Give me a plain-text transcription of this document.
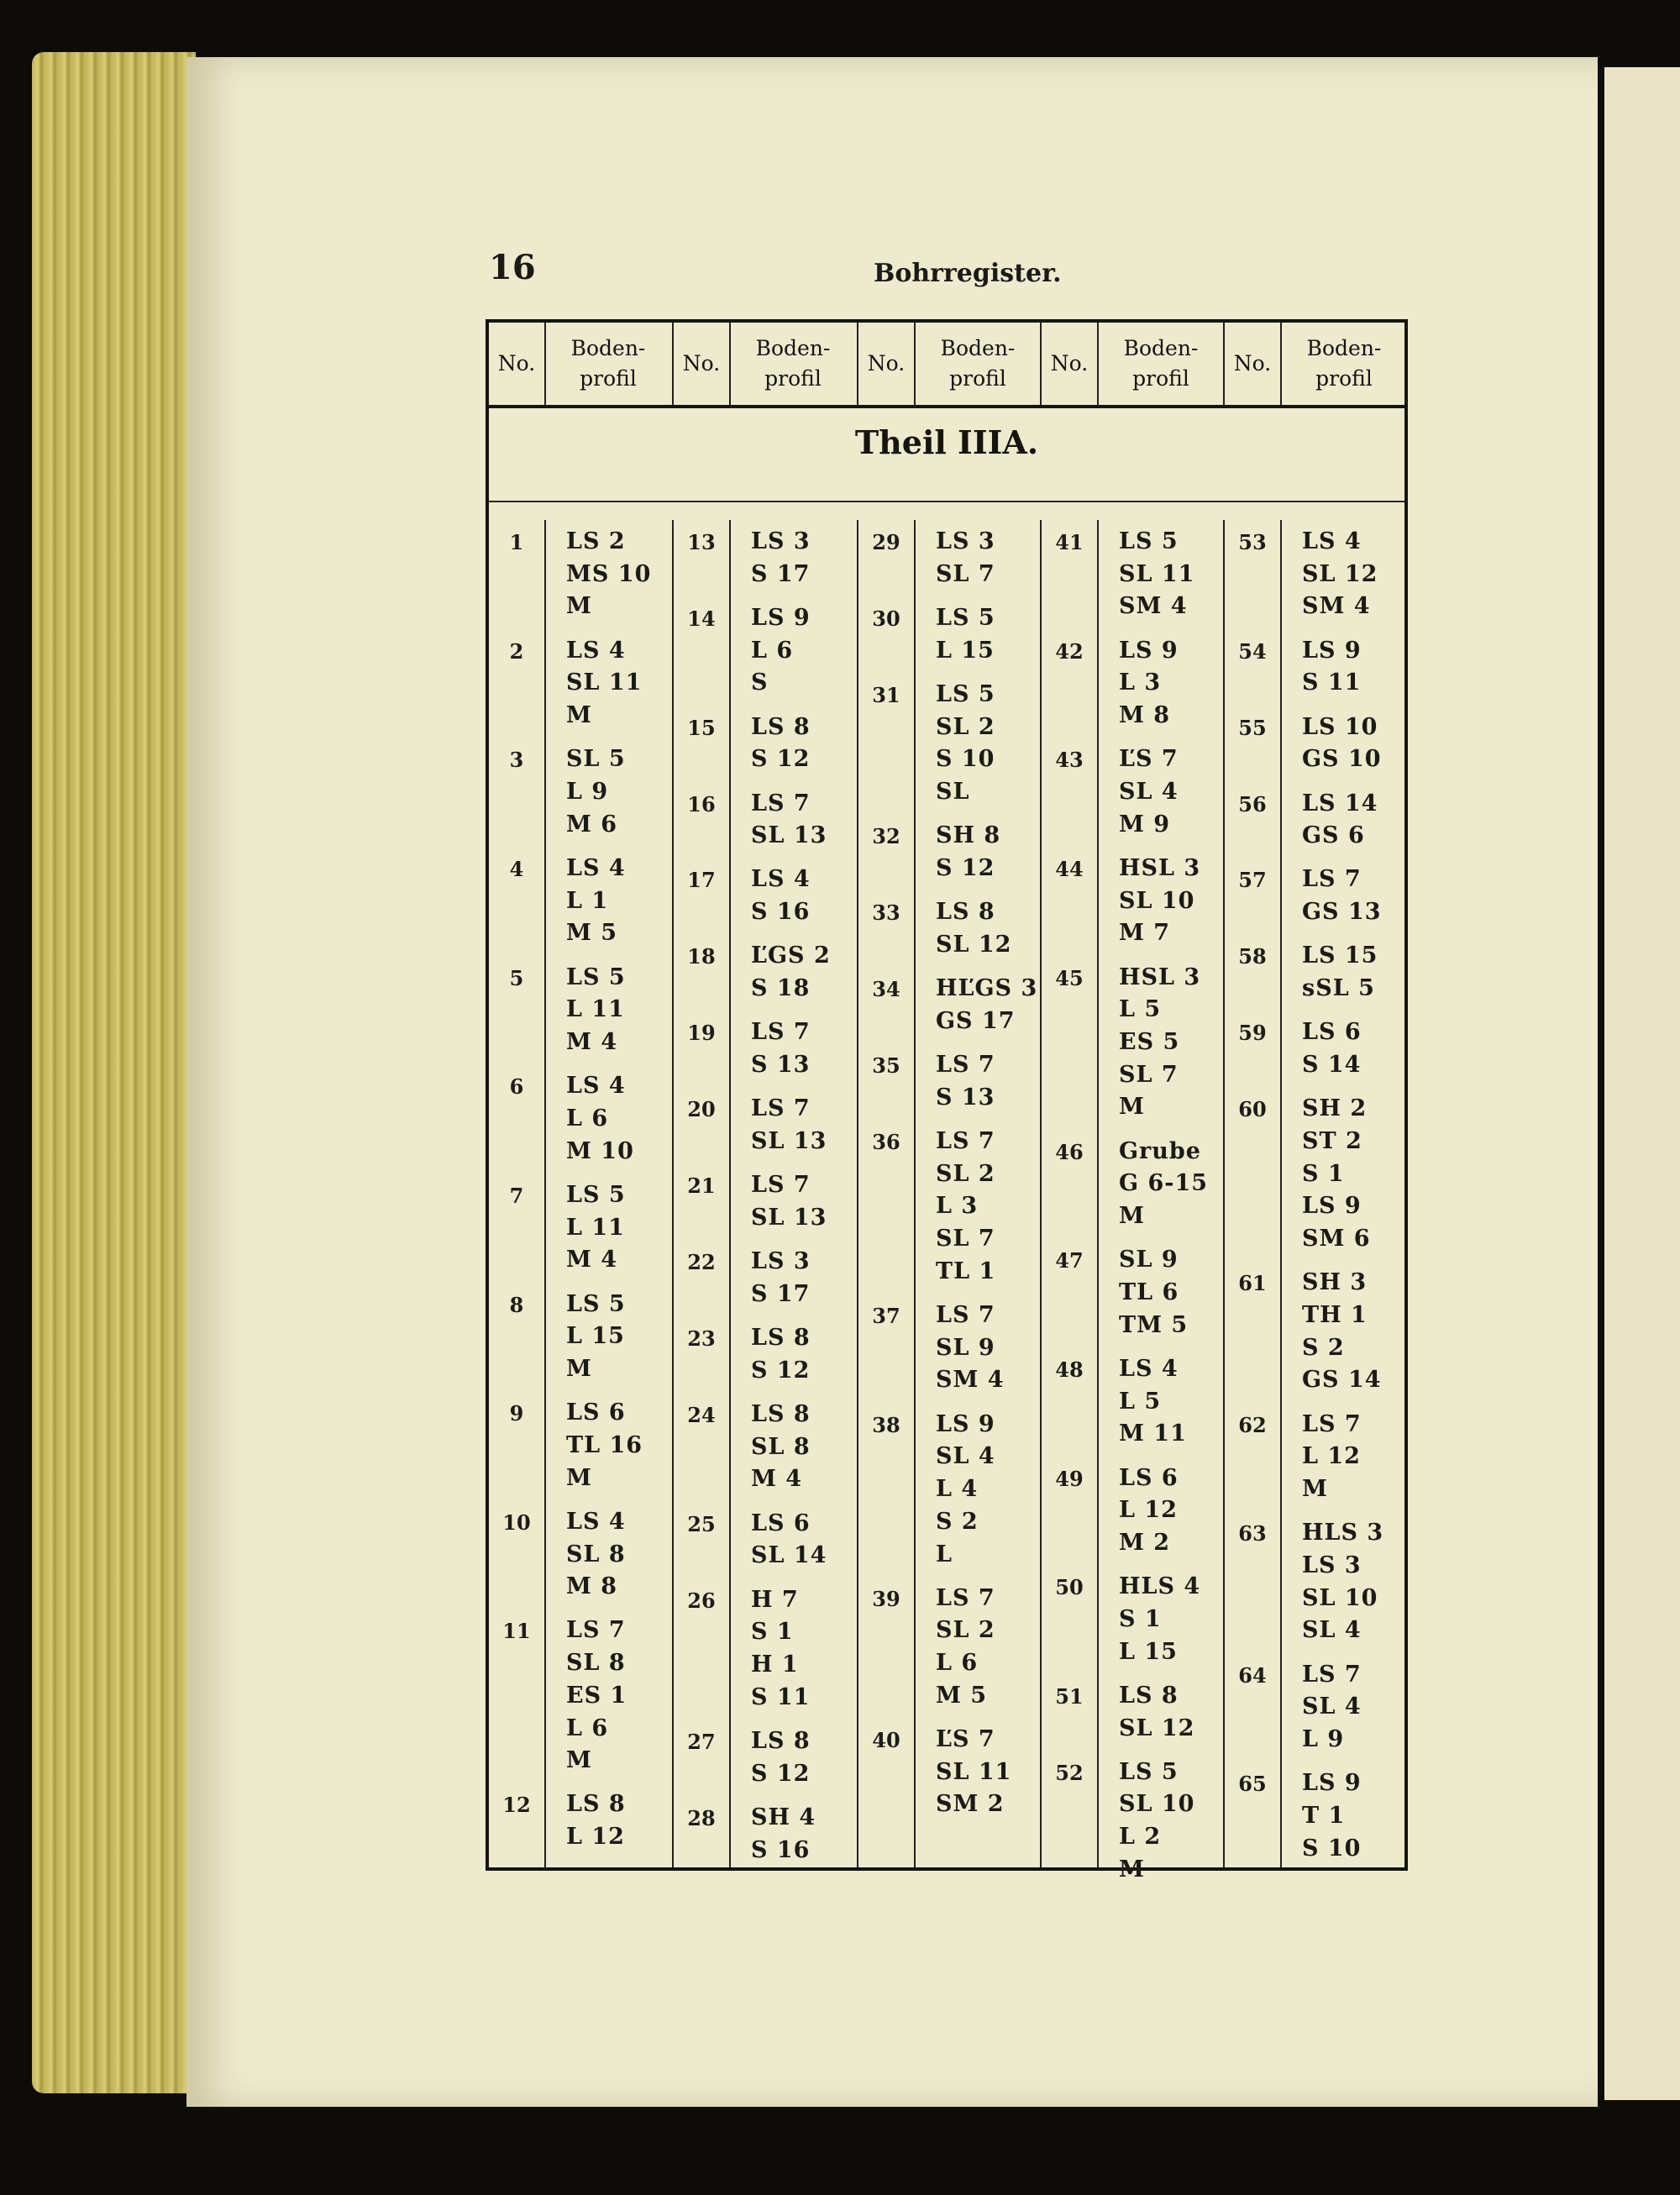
16	Bohrregister.
Theil IIIA.
No.
Boden-
profil
No.
Boden-
profil
No.
Boden-
profil
No.
Boden-
profil
No.
Boden-
profil
1	LS 2
MS 10
M
2	LS 4
SL 11
M
3	SL 5
L 9
M 6
4	LS 4
L 1
M 5
5	LS 5
L 11
M 4
6	LS 4
L 6
M 10
7	LS 5
L 11
M 4
8	LS 5
L 15
M
9	LS 6
TL 16
M
10	LS 4
SL 8
M 8
11	LS 7
SL 8
ES 1
L 6
M
12	LS 8
L 12
13	LS 3
S 17
14	LS 9
L 6
S
15	LS 8
S 12
16	LS 7
SL 13
17	LS 4
S 16
18	ĽGS 2
S 18
19	LS 7
S 13
20	LS 7
SL 13
21	LS 7
SL 13
22	LS 3
S 17
23	LS 8
S 12
24	LS 8
SL 8
M 4
25	LS 6
SL 14
26	H 7
S 1
H 1
S 11
27	LS 8
S 12
28	SH 4
S 16
29	LS 3
SL 7
30	LS 5
L 15
31	LS 5
SL 2
S 10
SL
32	SH 8
S 12
33	LS 8
SL 12
34	HĽGS 3
GS 17
35	LS 7
S 13
36	LS 7
SL 2
L 3
SL 7
TL 1
37	LS 7
SL 9
SM 4
38	LS 9
SL 4
L 4
S 2
L
39	LS 7
SL 2
L 6
M 5
40	ĽS 7
SL 11
SM 2
41	LS 5
SL 11
SM 4
42	LS 9
L 3
M 8
43	ĽS 7
SL 4
M 9
44	HSL 3
SL 10
M 7
45	HSL 3
L 5
ES 5
SL 7
M
46	Grube
G 6-15
M
47	SL 9
TL 6
TM 5
48	LS 4
L 5
M 11
49	LS 6
L 12
M 2
50	HLS 4
S 1
L 15
51	LS 8
SL 12
52	LS 5
SL 10
L 2
M
53	LS 4
SL 12
SM 4
54	LS 9
S 11
55	LS 10
GS 10
56	LS 14
GS 6
57	LS 7
GS 13
58	LS 15
sSL 5
59	LS 6
S 14
60	SH 2
ST 2
S 1
LS 9
SM 6
61	SH 3
TH 1
S 2
GS 14
62	LS 7
L 12
M
63	HLS 3
LS 3
SL 10
SL 4
64	LS 7
SL 4
L 9
65	LS 9
T 1
S 10
